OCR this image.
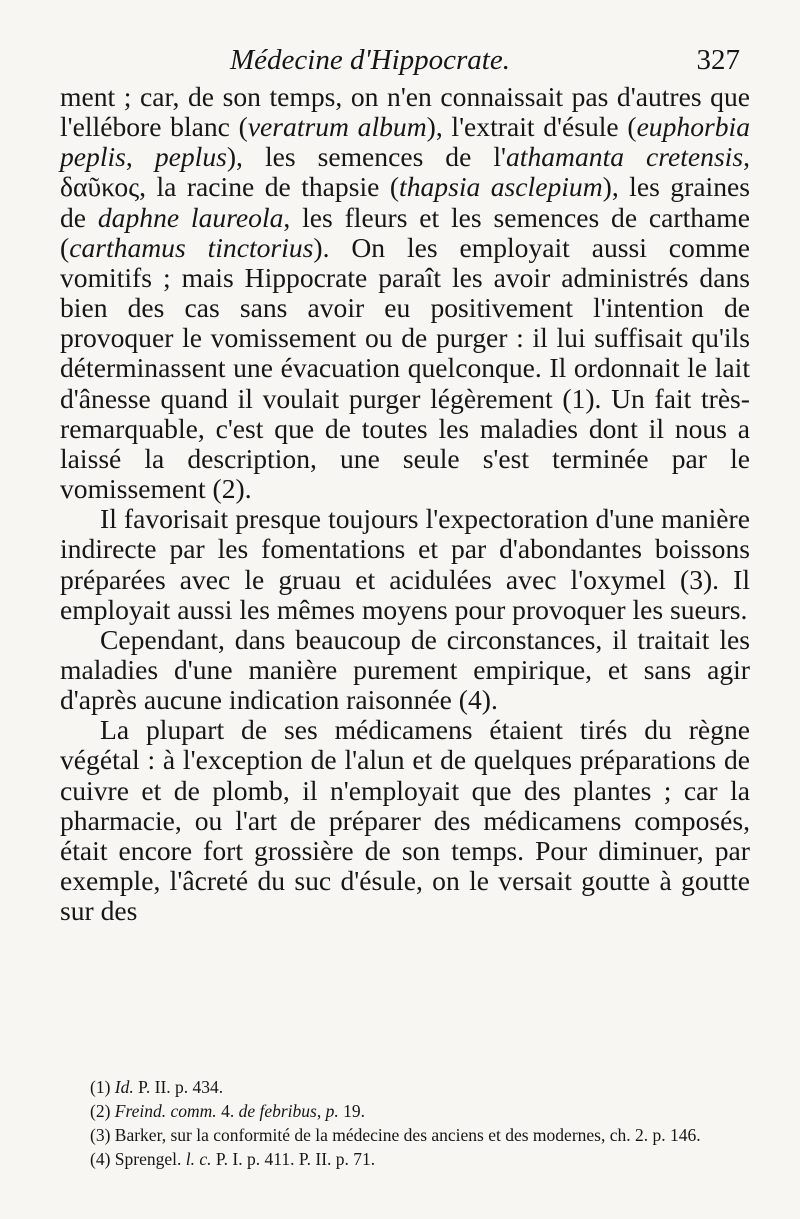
Médecine d'Hippocrate.	327

ment ; car, de son temps, on n'en connaissait pas d'autres que l'ellébore blanc (veratrum album), l'extrait d'ésule (euphorbia peplis, peplus), les semences de l'athamanta cretensis, δαῦκος, la racine de thapsie (thapsia asclepium), les graines de daphne laureola, les fleurs et les semences de carthame (carthamus tinctorius). On les employait aussi comme vomitifs ; mais Hippocrate paraît les avoir administrés dans bien des cas sans avoir eu positivement l'intention de provoquer le vomissement ou de purger : il lui suffisait qu'ils déterminassent une évacuation quelconque. Il ordonnait le lait d'ânesse quand il voulait purger légèrement (1). Un fait très-remarquable, c'est que de toutes les maladies dont il nous a laissé la description, une seule s'est terminée par le vomissement (2).

Il favorisait presque toujours l'expectoration d'une manière indirecte par les fomentations et par d'abondantes boissons préparées avec le gruau et acidulées avec l'oxymel (3). Il employait aussi les mêmes moyens pour provoquer les sueurs.

Cependant, dans beaucoup de circonstances, il traitait les maladies d'une manière purement empirique, et sans agir d'après aucune indication raisonnée (4).

La plupart de ses médicamens étaient tirés du règne végétal : à l'exception de l'alun et de quelques préparations de cuivre et de plomb, il n'employait que des plantes ; car la pharmacie, ou l'art de préparer des médicamens composés, était encore fort grossière de son temps. Pour diminuer, par exemple, l'âcreté du suc d'ésule, on le versait goutte à goutte sur des

(1) Id. P. II. p. 434.

(2) Freind. comm. 4. de febribus, p. 19.

(3) Barker, sur la conformité de la médecine des anciens et des modernes, ch. 2. p. 146.

(4) Sprengel. l. c. P. I. p. 411. P. II. p. 71.
